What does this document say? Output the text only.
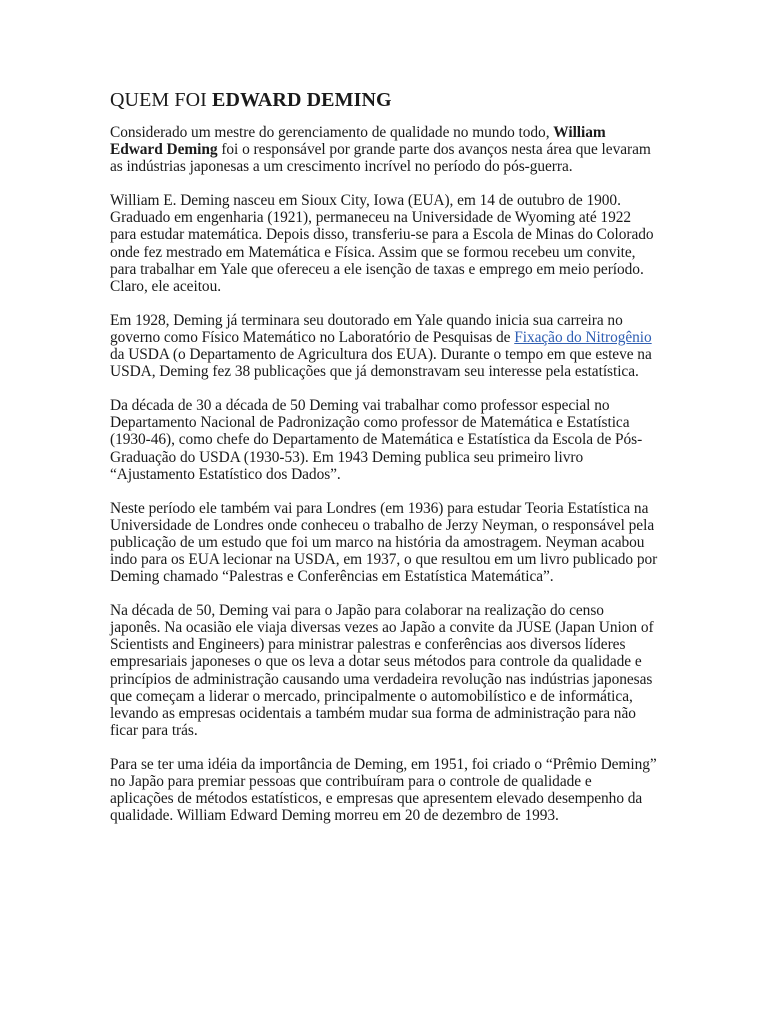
QUEM FOI EDWARD DEMING

Considerado um mestre do gerenciamento de qualidade no mundo todo, William Edward Deming foi o responsável por grande parte dos avanços nesta área que levaram as indústrias japonesas a um crescimento incrível no período do pós-guerra.

William E. Deming nasceu em Sioux City, Iowa (EUA), em 14 de outubro de 1900. Graduado em engenharia (1921), permaneceu na Universidade de Wyoming até 1922 para estudar matemática. Depois disso, transferiu-se para a Escola de Minas do Colorado onde fez mestrado em Matemática e Física. Assim que se formou recebeu um convite, para trabalhar em Yale que ofereceu a ele isenção de taxas e emprego em meio período. Claro, ele aceitou.

Em 1928, Deming já terminara seu doutorado em Yale quando inicia sua carreira no governo como Físico Matemático no Laboratório de Pesquisas de Fixação do Nitrogênio da USDA (o Departamento de Agricultura dos EUA). Durante o tempo em que esteve na USDA, Deming fez 38 publicações que já demonstravam seu interesse pela estatística.

Da década de 30 a década de 50 Deming vai trabalhar como professor especial no Departamento Nacional de Padronização como professor de Matemática e Estatística (1930-46), como chefe do Departamento de Matemática e Estatística da Escola de Pós-Graduação do USDA (1930-53). Em 1943 Deming publica seu primeiro livro “Ajustamento Estatístico dos Dados”.

Neste período ele também vai para Londres (em 1936) para estudar Teoria Estatística na Universidade de Londres onde conheceu o trabalho de Jerzy Neyman, o responsável pela publicação de um estudo que foi um marco na história da amostragem. Neyman acabou indo para os EUA lecionar na USDA, em 1937, o que resultou em um livro publicado por Deming chamado “Palestras e Conferências em Estatística Matemática”.

Na década de 50, Deming vai para o Japão para colaborar na realização do censo japonês. Na ocasião ele viaja diversas vezes ao Japão a convite da JUSE (Japan Union of Scientists and Engineers) para ministrar palestras e conferências aos diversos líderes empresariais japoneses o que os leva a dotar seus métodos para controle da qualidade e princípios de administração causando uma verdadeira revolução nas indústrias japonesas que começam a liderar o mercado, principalmente o automobilístico e de informática, levando as empresas ocidentais a também mudar sua forma de administração para não ficar para trás.

Para se ter uma idéia da importância de Deming, em 1951, foi criado o “Prêmio Deming” no Japão para premiar pessoas que contribuíram para o controle de qualidade e aplicações de métodos estatísticos, e empresas que apresentem elevado desempenho da qualidade. William Edward Deming morreu em 20 de dezembro de 1993.
